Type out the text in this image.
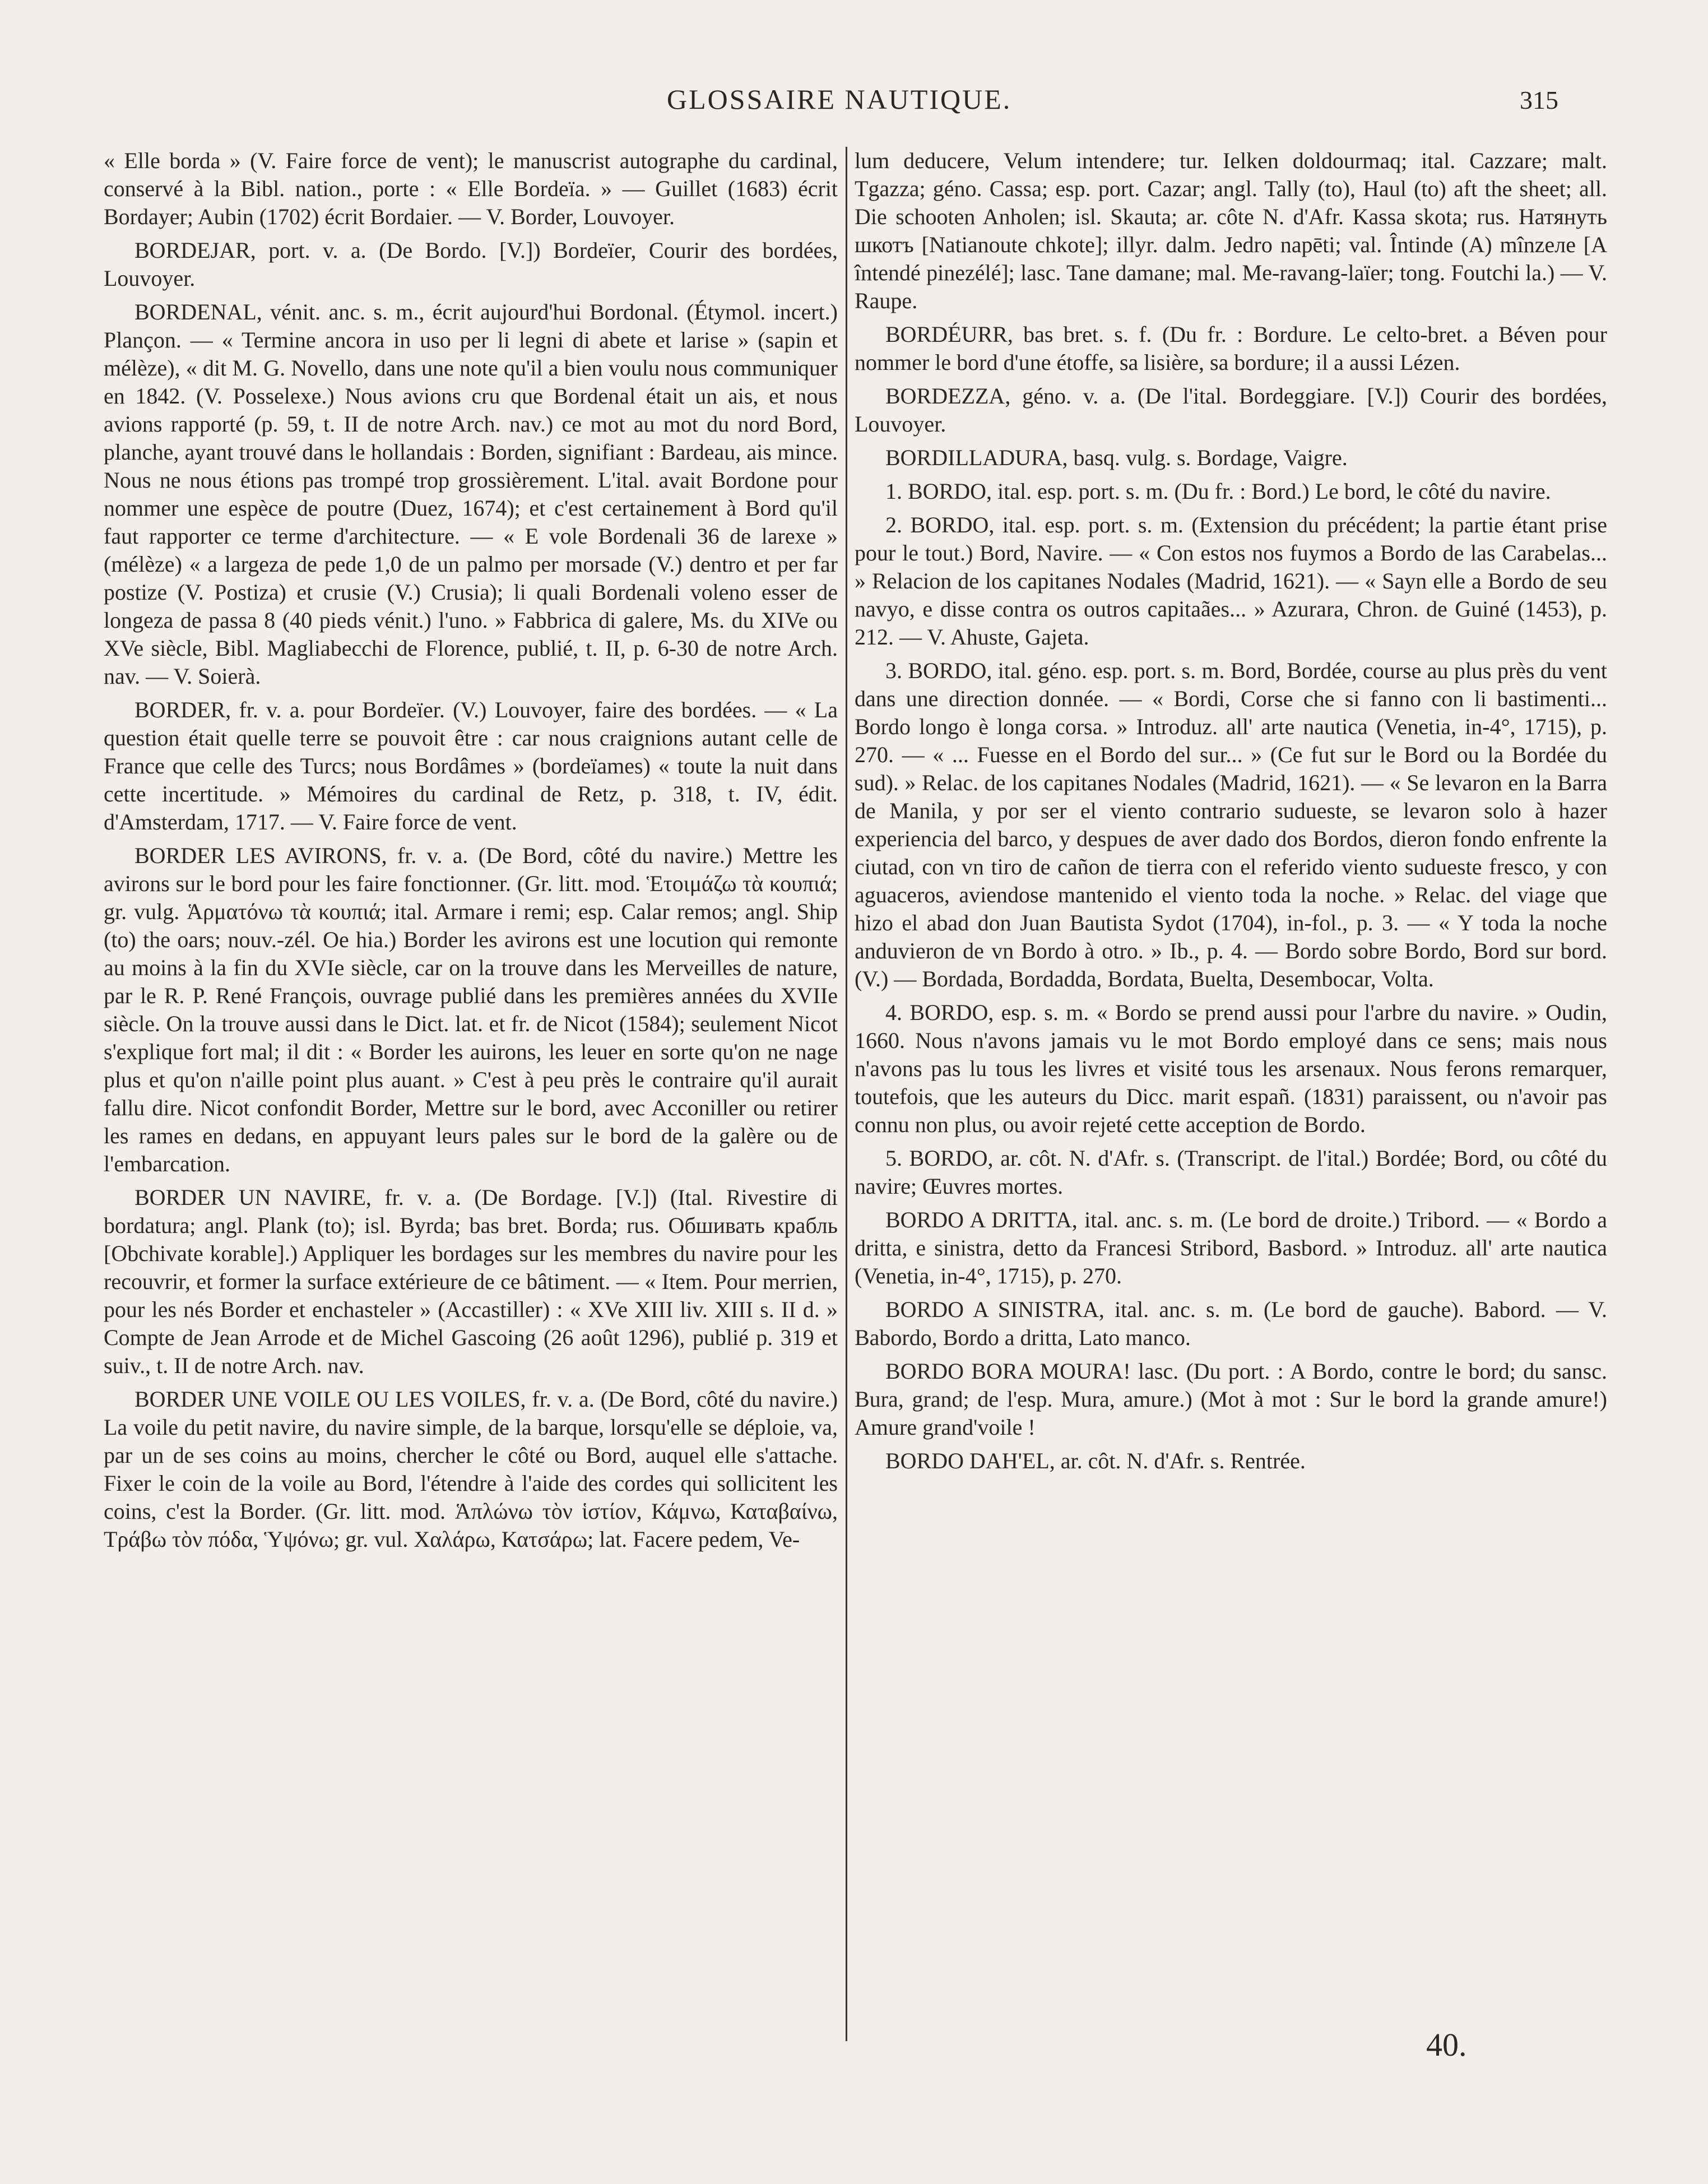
GLOSSAIRE NAUTIQUE.	315

« Elle borda » (V. Faire force de vent); le manuscrist autographe du cardinal, conservé à la Bibl. nation., porte : « Elle Bordeïa. » — Guillet (1683) écrit Bordayer; Aubin (1702) écrit Bordaier. — V. Border, Louvoyer.

BORDEJAR, port. v. a. (De Bordo. [V.]) Bordeïer, Courir des bordées, Louvoyer.

BORDENAL, vénit. anc. s. m., écrit aujourd'hui Bordonal. (Étymol. incert.) Plançon. — « Termine ancora in uso per li legni di abete et larise » (sapin et mélèze), « dit M. G. Novello, dans une note qu'il a bien voulu nous communiquer en 1842. (V. Posselexe.) Nous avions cru que Bordenal était un ais, et nous avions rapporté (p. 59, t. II de notre Arch. nav.) ce mot au mot du nord Bord, planche, ayant trouvé dans le hollandais : Borden, signifiant : Bardeau, ais mince. Nous ne nous étions pas trompé trop grossièrement. L'ital. avait Bordone pour nommer une espèce de poutre (Duez, 1674); et c'est certainement à Bord qu'il faut rapporter ce terme d'architecture. — « E vole Bordenali 36 de larexe » (mélèze) « a largeza de pede 1,0 de un palmo per morsade (V.) dentro et per far postize (V. Postiza) et crusie (V.) Crusia); li quali Bordenali voleno esser de longeza de passa 8 (40 pieds vénit.) l'uno. » Fabbrica di galere, Ms. du XIVe ou XVe siècle, Bibl. Magliabecchi de Florence, publié, t. II, p. 6-30 de notre Arch. nav. — V. Soierà.

BORDER, fr. v. a. pour Bordeïer. (V.) Louvoyer, faire des bordées. — « La question était quelle terre se pouvoit être : car nous craignions autant celle de France que celle des Turcs; nous Bordâmes » (bordeïames) « toute la nuit dans cette incertitude. » Mémoires du cardinal de Retz, p. 318, t. IV, édit. d'Amsterdam, 1717. — V. Faire force de vent.

BORDER LES AVIRONS, fr. v. a. (De Bord, côté du navire.) Mettre les avirons sur le bord pour les faire fonctionner. (Gr. litt. mod. Ἑτοιμάζω τὰ κουπιά; gr. vulg. Ἁρματόνω τὰ κουπιά; ital. Armare i remi; esp. Calar remos; angl. Ship (to) the oars; nouv.-zél. Oe hia.) Border les avirons est une locution qui remonte au moins à la fin du XVIe siècle, car on la trouve dans les Merveilles de nature, par le R. P. René François, ouvrage publié dans les premières années du XVIIe siècle. On la trouve aussi dans le Dict. lat. et fr. de Nicot (1584); seulement Nicot s'explique fort mal; il dit : « Border les auirons, les leuer en sorte qu'on ne nage plus et qu'on n'aille point plus auant. » C'est à peu près le contraire qu'il aurait fallu dire. Nicot confondit Border, Mettre sur le bord, avec Acconiller ou retirer les rames en dedans, en appuyant leurs pales sur le bord de la galère ou de l'embarcation.

BORDER UN NAVIRE, fr. v. a. (De Bordage. [V.]) (Ital. Rivestire di bordatura; angl. Plank (to); isl. Byrda; bas bret. Borda; rus. Обшивать крабль [Obchivate korable].) Appliquer les bordages sur les membres du navire pour les recouvrir, et former la surface extérieure de ce bâtiment. — « Item. Pour merrien, pour les nés Border et enchasteler » (Accastiller) : « XVe XIII liv. XIII s. II d. » Compte de Jean Arrode et de Michel Gascoing (26 août 1296), publié p. 319 et suiv., t. II de notre Arch. nav.

BORDER UNE VOILE OU LES VOILES, fr. v. a. (De Bord, côté du navire.) La voile du petit navire, du navire simple, de la barque, lorsqu'elle se déploie, va, par un de ses coins au moins, chercher le côté ou Bord, auquel elle s'attache. Fixer le coin de la voile au Bord, l'étendre à l'aide des cordes qui sollicitent les coins, c'est la Border. (Gr. litt. mod. Ἁπλώνω τὸν ἱστίον, Κάμνω, Καταβαίνω, Τράβω τὸν πόδα, Ὑψόνω; gr. vul. Χαλάρω, Κατσάρω; lat. Facere pedem, Ve-

lum deducere, Velum intendere; tur. Ielken doldourmaq; ital. Cazzare; malt. Tgazza; géno. Cassa; esp. port. Cazar; angl. Tally (to), Haul (to) aft the sheet; all. Die schooten Anholen; isl. Skauta; ar. côte N. d'Afr. Kassa skota; rus. Натянуть шкотъ [Natianoute chkote]; illyr. dalm. Jedro napēti; val. Întinde (A) mînzeле [A întendé pinezélé]; lasc. Tane damane; mal. Me-ravang-laïer; tong. Foutchi la.) — V. Raupe.

BORDÉURR, bas bret. s. f. (Du fr. : Bordure. Le celto-bret. a Béven pour nommer le bord d'une étoffe, sa lisière, sa bordure; il a aussi Lézen.

BORDEZZA, géno. v. a. (De l'ital. Bordeggiare. [V.]) Courir des bordées, Louvoyer.

BORDILLADURA, basq. vulg. s. Bordage, Vaigre.

1. BORDO, ital. esp. port. s. m. (Du fr. : Bord.) Le bord, le côté du navire.

2. BORDO, ital. esp. port. s. m. (Extension du précédent; la partie étant prise pour le tout.) Bord, Navire. — « Con estos nos fuymos a Bordo de las Carabelas... » Relacion de los capitanes Nodales (Madrid, 1621). — « Sayn elle a Bordo de seu navyo, e disse contra os outros capitaães... » Azurara, Chron. de Guiné (1453), p. 212. — V. Ahuste, Gajeta.

3. BORDO, ital. géno. esp. port. s. m. Bord, Bordée, course au plus près du vent dans une direction donnée. — « Bordi, Corse che si fanno con li bastimenti... Bordo longo è longa corsa. » Introduz. all' arte nautica (Venetia, in-4°, 1715), p. 270. — « ... Fuesse en el Bordo del sur... » (Ce fut sur le Bord ou la Bordée du sud). » Relac. de los capitanes Nodales (Madrid, 1621). — « Se levaron en la Barra de Manila, y por ser el viento contrario sudueste, se levaron solo à hazer experiencia del barco, y despues de aver dado dos Bordos, dieron fondo enfrente la ciutad, con vn tiro de cañon de tierra con el referido viento sudueste fresco, y con aguaceros, aviendose mantenido el viento toda la noche. » Relac. del viage que hizo el abad don Juan Bautista Sydot (1704), in-fol., p. 3. — « Y toda la noche anduvieron de vn Bordo à otro. » Ib., p. 4. — Bordo sobre Bordo, Bord sur bord. (V.) — Bordada, Bordadda, Bordata, Buelta, Desembocar, Volta.

4. BORDO, esp. s. m. « Bordo se prend aussi pour l'arbre du navire. » Oudin, 1660. Nous n'avons jamais vu le mot Bordo employé dans ce sens; mais nous n'avons pas lu tous les livres et visité tous les arsenaux. Nous ferons remarquer, toutefois, que les auteurs du Dicc. marit españ. (1831) paraissent, ou n'avoir pas connu non plus, ou avoir rejeté cette acception de Bordo.

5. BORDO, ar. côt. N. d'Afr. s. (Transcript. de l'ital.) Bordée; Bord, ou côté du navire; Œuvres mortes.

BORDO A DRITTA, ital. anc. s. m. (Le bord de droite.) Tribord. — « Bordo a dritta, e sinistra, detto da Francesi Stribord, Basbord. » Introduz. all' arte nautica (Venetia, in-4°, 1715), p. 270.

BORDO A SINISTRA, ital. anc. s. m. (Le bord de gauche). Babord. — V. Babordo, Bordo a dritta, Lato manco.

BORDO BORA MOURA! lasc. (Du port. : A Bordo, contre le bord; du sansc. Bura, grand; de l'esp. Mura, amure.) (Mot à mot : Sur le bord la grande amure!) Amure grand'voile !

BORDO DAH'EL, ar. côt. N. d'Afr. s. Rentrée.

40.
